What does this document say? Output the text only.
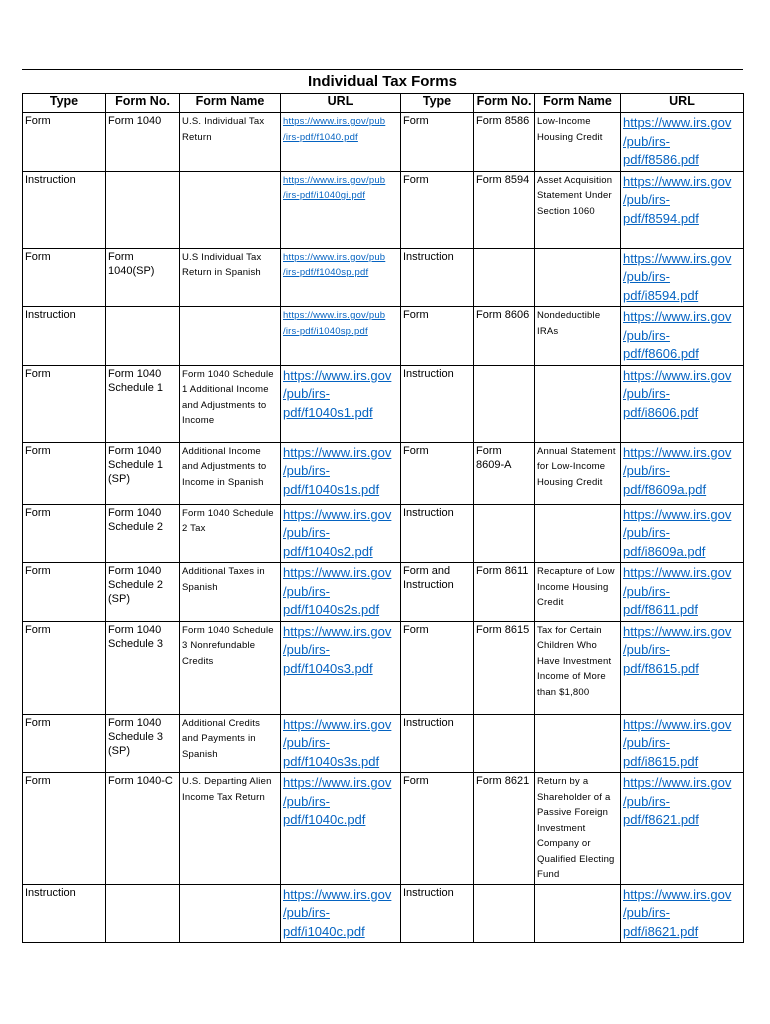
Individual Tax Forms
Type	Form No.	Form Name	URL	Type	Form No.	Form Name	URL
Form	Form 1040	U.S. Individual Tax Return	https://www.irs.gov/pub
/irs-pdf/f1040.pdf	Form	Form 8586	Low-Income Housing Credit	https://www.irs.gov
/pub/irs-
pdf/f8586.pdf

Instruction			https://www.irs.gov/pub
/irs-pdf/i1040gi.pdf	Form	Form 8594	Asset Acquisition Statement Under Section 1060	https://www.irs.gov
/pub/irs-
pdf/f8594.pdf

Form	Form 1040(SP)	U.S Individual Tax Return in Spanish	https://www.irs.gov/pub
/irs-pdf/f1040sp.pdf	Instruction			https://www.irs.gov
/pub/irs-
pdf/i8594.pdf

Instruction			https://www.irs.gov/pub
/irs-pdf/i1040sp.pdf	Form	Form 8606	Nondeductible IRAs	https://www.irs.gov
/pub/irs-
pdf/f8606.pdf

Form	Form 1040 Schedule 1	Form 1040 Schedule 1 Additional Income and Adjustments to Income	https://www.irs.gov
/pub/irs-
pdf/f1040s1.pdf	Instruction			https://www.irs.gov
/pub/irs-
pdf/i8606.pdf

Form	Form 1040 Schedule 1 (SP)	Additional Income and Adjustments to Income in Spanish	https://www.irs.gov
/pub/irs-
pdf/f1040s1s.pdf	Form	Form 8609-A	Annual Statement for Low-Income Housing Credit	https://www.irs.gov
/pub/irs-
pdf/f8609a.pdf

Form	Form 1040 Schedule 2	Form 1040 Schedule 2 Tax	https://www.irs.gov
/pub/irs-
pdf/f1040s2.pdf	Instruction			https://www.irs.gov
/pub/irs-
pdf/i8609a.pdf

Form	Form 1040 Schedule 2 (SP)	Additional Taxes in Spanish	https://www.irs.gov
/pub/irs-
pdf/f1040s2s.pdf	Form and Instruction	Form 8611	Recapture of Low Income Housing Credit	https://www.irs.gov
/pub/irs-
pdf/f8611.pdf

Form	Form 1040 Schedule 3	Form 1040 Schedule 3 Nonrefundable Credits	https://www.irs.gov
/pub/irs-
pdf/f1040s3.pdf	Form	Form 8615	Tax for Certain Children Who Have Investment Income of More than $1,800	https://www.irs.gov
/pub/irs-
pdf/f8615.pdf

Form	Form 1040 Schedule 3 (SP)	Additional Credits and Payments in Spanish	https://www.irs.gov
/pub/irs-
pdf/f1040s3s.pdf	Instruction			https://www.irs.gov
/pub/irs-
pdf/i8615.pdf

Form	Form 1040-C	U.S. Departing Alien Income Tax Return	https://www.irs.gov
/pub/irs-
pdf/f1040c.pdf	Form	Form 8621	Return by a Shareholder of a Passive Foreign Investment Company or Qualified Electing Fund	https://www.irs.gov
/pub/irs-
pdf/f8621.pdf

Instruction			https://www.irs.gov
/pub/irs-
pdf/i1040c.pdf	Instruction			https://www.irs.gov
/pub/irs-
pdf/i8621.pdf
